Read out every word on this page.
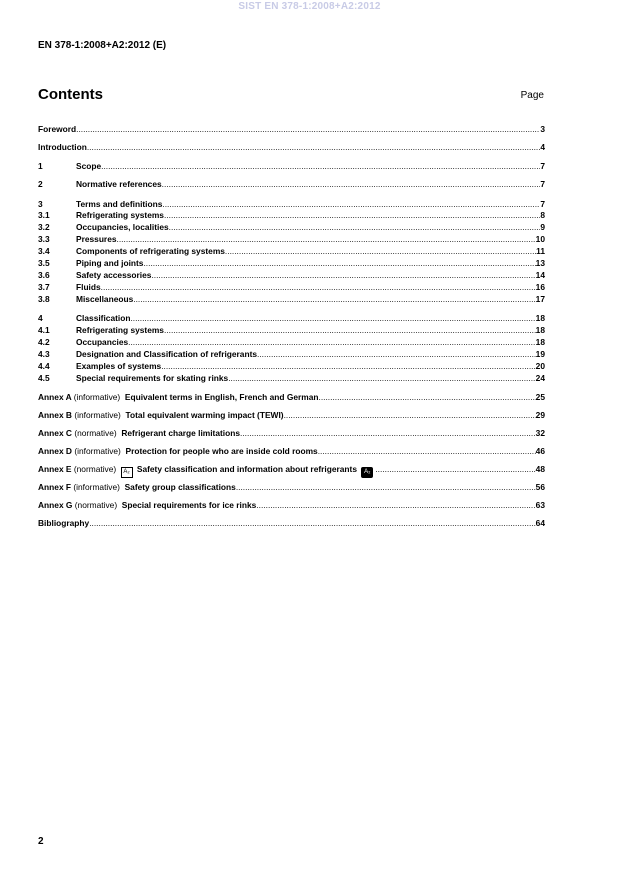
SIST EN 378-1:2008+A2:2012
EN 378-1:2008+A2:2012 (E)
Contents	Page
Foreword .....	3
Introduction .....	4
1	Scope .....	7
2	Normative references .....	7
3	Terms and definitions .....	7
3.1	Refrigerating systems .....	8
3.2	Occupancies, localities .....	9
3.3	Pressures .....	10
3.4	Components of refrigerating systems .....	11
3.5	Piping and joints .....	13
3.6	Safety accessories .....	14
3.7	Fluids .....	16
3.8	Miscellaneous .....	17
4	Classification .....	18
4.1	Refrigerating systems .....	18
4.2	Occupancies .....	18
4.3	Designation and Classification of refrigerants .....	19
4.4	Examples of systems .....	20
4.5	Special requirements for skating rinks .....	24
Annex A (informative) Equivalent terms in English, French and German .....	25
Annex B (informative) Total equivalent warming impact (TEWI) .....	29
Annex C (normative) Refrigerant charge limitations .....	32
Annex D (informative) Protection for people who are inside cold rooms .....	46
Annex E (normative) A₂ Safety classification and information about refrigerants A₂ .....	48
Annex F (informative) Safety group classifications .....	56
Annex G (normative) Special requirements for ice rinks .....	63
Bibliography .....	64
2
